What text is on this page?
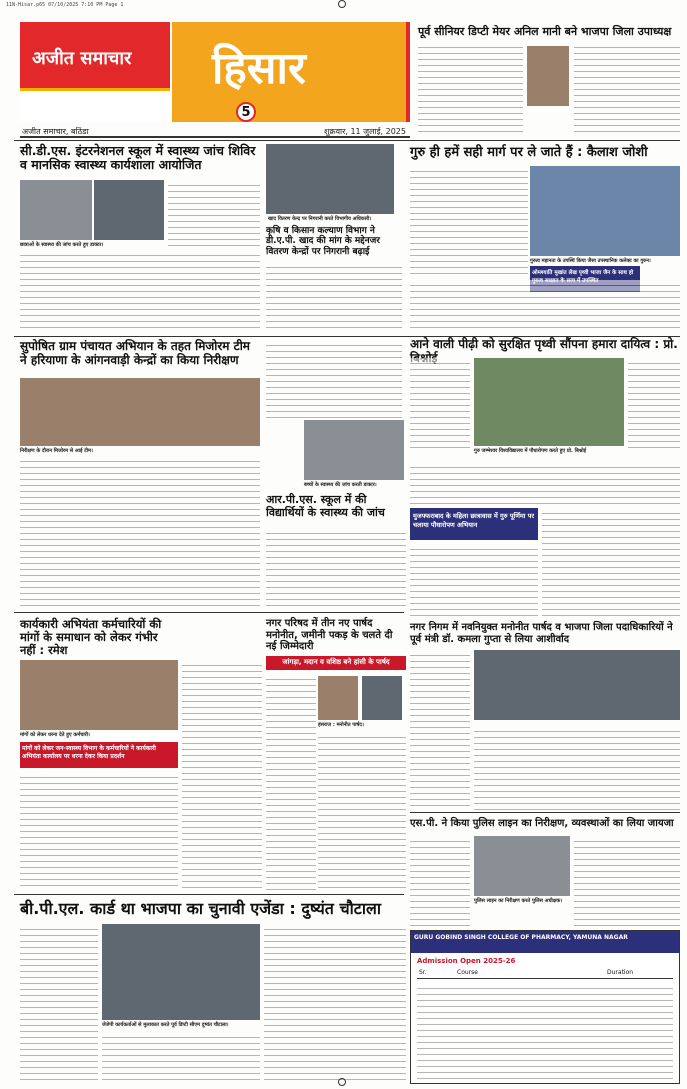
11N-Hisar.p65 07/10/2025 7:10 PM Page 1
अजीत समाचार हिसार
5
अजीत समाचार, बठिंडा	शुक्रवार, 11 जुलाई, 2025
पूर्व सीनियर डिप्टी मेयर अनिल मानी बने भाजपा जिला उपाध्यक्ष
सी.डी.एस. इंटरनेशनल स्कूल में स्वास्थ्य जांच शिविर व मानसिक स्वास्थ्य कार्यशाला आयोजित
छात्राओं के स्वास्थ्य की जांच करते हुए डाक्टर।
खाद वितरण केन्द्र पर निगरानी करते विभागीय अधिकारी।
कृषि व किसान कल्याण विभाग ने डी.ए.पी. खाद की मांग के मद्देनजर वितरण केन्द्रों पर निगरानी बढ़ाई
गुरु ही हमें सही मार्ग पर ले जाते हैं : कैलाश जोशी
गुरुत्व महानता के उपस्थि किया जैसा उपस्थानिक कलेक्ट का गुरुन।
ओमश्याति मुखांत लेख पृथ्वी भाजा जैन के साथ हो
सुपोषित ग्राम पंचायत अभियान के तहत मिजोरम टीम ने हरियाणा के आंगनवाड़ी केन्द्रों का किया निरीक्षण
निरीक्षण के दौरान मिजोरम से आई टीम।
बच्चों के स्वास्थ्य की जांच करती डाक्टर।
आर.पी.एस. स्कूल में की विद्यार्थियों के स्वास्थ्य की जांच
आने वाली पीढ़ी को सुरक्षित पृथ्वी सौंपना हमारा दायित्व : प्रो.
गुरु जम्भेश्वर विश्वविद्यालय में पौधारोपण करते हुए प्रो. बिश्नोई
मुजफ्फराबाद के महिला छात्रावास में गुरु पूर्णिमा पर चलाया पौधारोपण अभियान
कार्यकारी अभियंता कर्मचारियों की मांगों के समाधान को लेकर गंभीर नहीं : रमेश
मांगों को लेकर धरना देते हुए कर्मचारी।
मांगों को लेकर जन-स्वास्थ्य विभाग के कर्मचारियों ने कार्यकारी अभियंता कार्यालय पर धरना देकर किया प्रदर्शन
नगर परिषद में तीन नए पार्षद मनोनीत, जमीनी पकड़ के चलते दी नई जिम्मेदारी
जांगड़ा, मदान व वशिष्ठ बने हांसी के पार्षद
हंसराज : मनोनीत पार्षद।
नगर निगम में नवनियुक्त मनोनीत पार्षद व भाजपा जिला पदाधिकारियों ने पूर्व मंत्री डॉ. कमला गुप्ता से लिया आशीर्वाद
एस.पी. ने किया पुलिस लाइन का निरीक्षण, व्यवस्थाओं का लिया जायजा
पुलिस लाइन का निरीक्षण करते पुलिस अधीक्षक।
बी.पी.एल. कार्ड था भाजपा का चुनावी एजेंडा : दुष्यंत चौटाला
जेजेपी कार्यकर्ताओं से मुलाकात करते पूर्व डिप्टी सीएम दुष्यंत चौटाला।
GURU GOBIND SINGH COLLEGE OF PHARMACY, YAMUNA NAGAR
Admission Open 2025-26
Sr.	Course	Duration
